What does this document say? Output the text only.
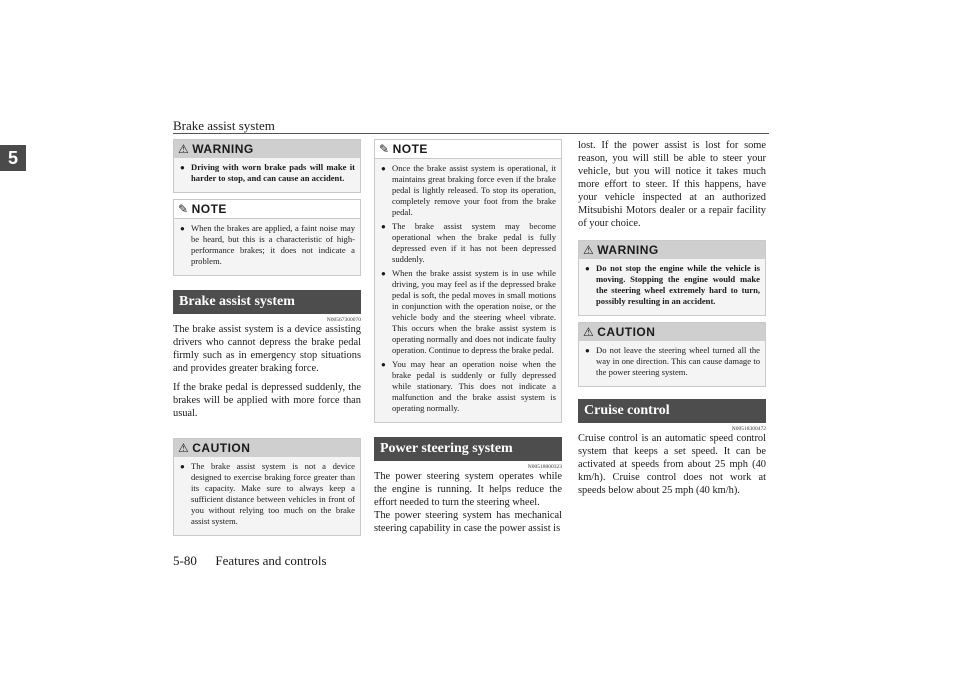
Brake assist system
5	⚠ WARNING
● Driving with worn brake pads will make it harder to stop, and can cause an accident.
✎ NOTE
● When the brakes are applied, a faint noise may be heard, but this is a characteristic of high-performance brakes; it does not indicate a problem.
Brake assist system
N00567300070

The brake assist system is a device assisting drivers who cannot depress the brake pedal firmly such as in emergency stop situations and provides greater braking force.

If the brake pedal is depressed suddenly, the brakes will be applied with more force than usual.

⚠ CAUTION
● The brake assist system is not a device designed to exercise braking force greater than its capacity. Make sure to always keep a sufficient distance between vehicles in front of you without relying too much on the brake assist system.
✎ NOTE
● Once the brake assist system is operational, it maintains great braking force even if the brake pedal is lightly released. To stop its operation, completely remove your foot from the brake pedal.
● The brake assist system may become operational when the brake pedal is fully depressed even if it has not been depressed suddenly.
● When the brake assist system is in use while driving, you may feel as if the depressed brake pedal is soft, the pedal moves in small motions in conjunction with the operation noise, or the vehicle body and the steering wheel vibrate. This occurs when the brake assist system is operating normally and does not indicate faulty operation. Continue to depress the brake pedal.
● You may hear an operation noise when the brake pedal is suddenly or fully depressed while stationary. This does not indicate a malfunction and the brake assist system is operating normally.
Power steering system
N00518000323

The power steering system operates while the engine is running. It helps reduce the effort needed to turn the steering wheel.

The power steering system has mechanical steering capability in case the power assist is

lost. If the power assist is lost for some reason, you will still be able to steer your vehicle, but you will notice it takes much more effort to steer. If this happens, have your vehicle inspected at an authorized Mitsubishi Motors dealer or a repair facility of your choice.

⚠ WARNING
● Do not stop the engine while the vehicle is moving. Stopping the engine would make the steering wheel extremely hard to turn, possibly resulting in an accident.
⚠ CAUTION
● Do not leave the steering wheel turned all the way in one direction. This can cause damage to the power steering system.
Cruise control
N00518300472

Cruise control is an automatic speed control system that keeps a set speed. It can be activated at speeds from about 25 mph (40 km/h). Cruise control does not work at speeds below about 25 mph (40 km/h).

5-80 Features and controls
